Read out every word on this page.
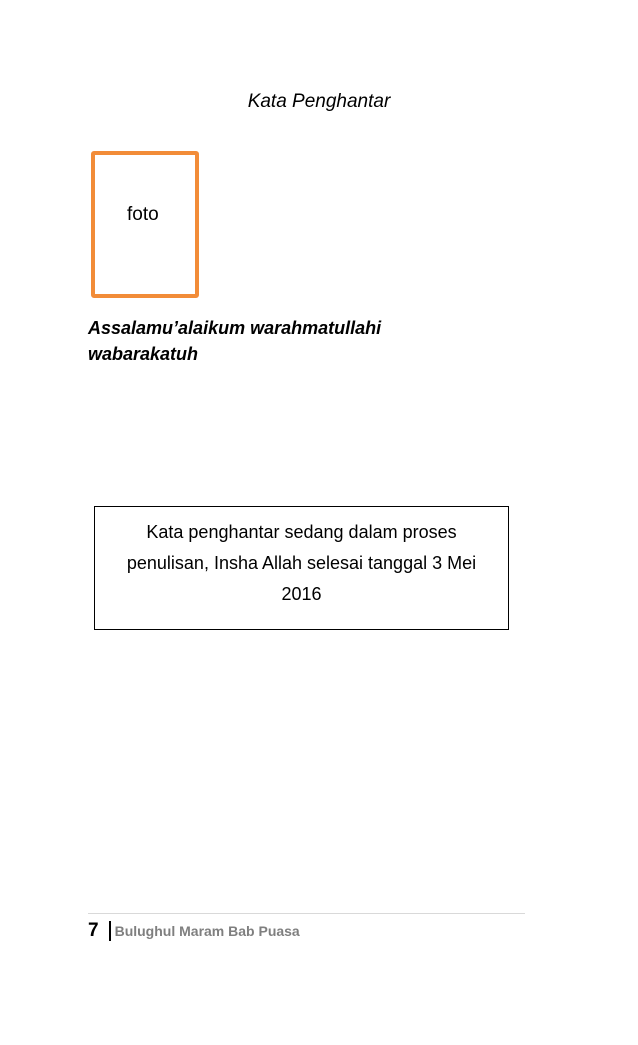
Kata Penghantar
foto
Assalamu’alaikum warahmatullahi wabarakatuh
Kata penghantar sedang dalam proses penulisan, Insha Allah selesai tanggal 3 Mei 2016
7 Bulughul Maram Bab Puasa
